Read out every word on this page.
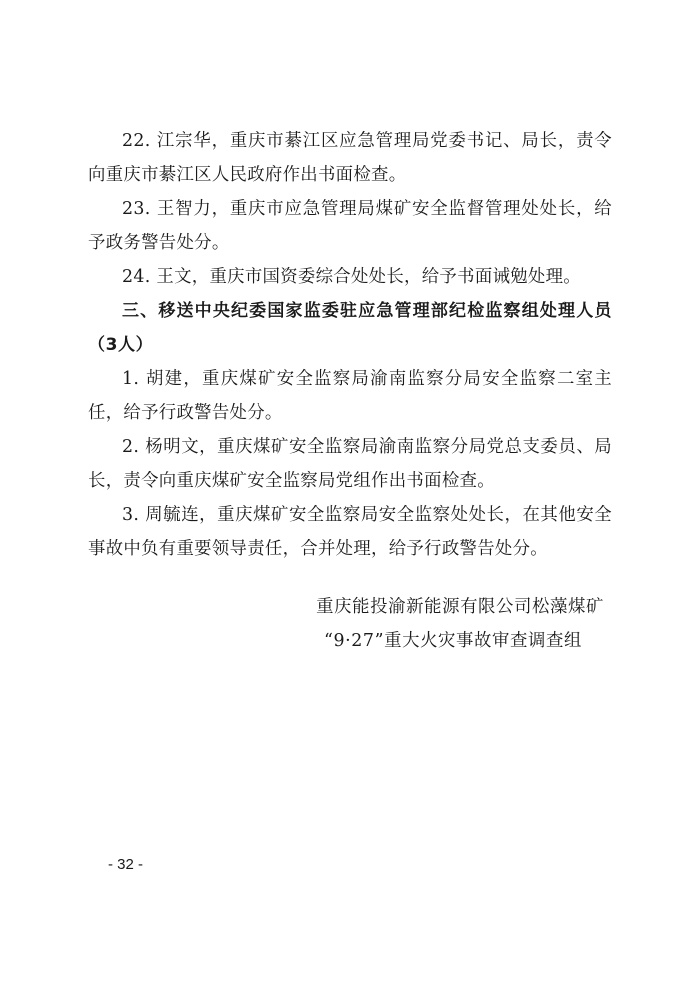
22. 江宗华，重庆市綦江区应急管理局党委书记、局长，责令向重庆市綦江区人民政府作出书面检查。

23. 王智力，重庆市应急管理局煤矿安全监督管理处处长，给予政务警告处分。

24. 王文，重庆市国资委综合处处长，给予书面诫勉处理。

三、移送中央纪委国家监委驻应急管理部纪检监察组处理人员（3人）

1. 胡建，重庆煤矿安全监察局渝南监察分局安全监察二室主任，给予行政警告处分。

2. 杨明文，重庆煤矿安全监察局渝南监察分局党总支委员、局长，责令向重庆煤矿安全监察局党组作出书面检查。

3. 周毓连，重庆煤矿安全监察局安全监察处处长，在其他安全事故中负有重要领导责任，合并处理，给予行政警告处分。

重庆能投渝新能源有限公司松藻煤矿

“9·27”重大火灾事故审查调查组

- 32 -
